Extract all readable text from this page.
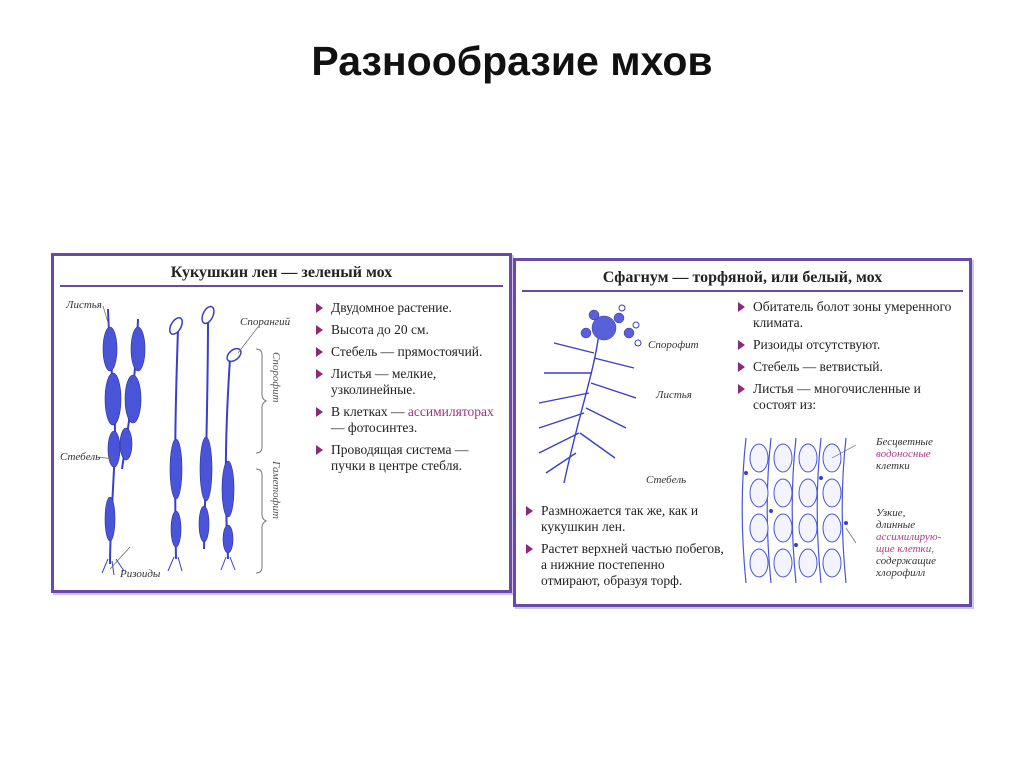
Разнообразие мхов
Кукушкин лен — зеленый мох
Листья
Спорангий
Стебель
Ризоиды
Спорофит
Гаметофит
Двудомное растение.
Высота до 20 см.
Стебель — прямостоячий.
Листья — мелкие, узколинейные.
В клетках — ассимиляторах — фотосинтез.
Проводящая система — пучки в центре стебля.
Сфагнум — торфяной, или белый, мох
Спорофит
Листья
Стебель
Обитатель болот зоны умеренного климата.
Ризоиды отсутствуют.
Стебель — ветвистый.
Листья — многочисленные и состоят из:
Бесцветные
водоносные
клетки
Узкие,
длинные
ассимилирую-
щие клетки,
содержащие
хлорофилл
Размножается так же, как и кукушкин лен.
Растет верхней частью побегов, а нижние постепенно отмирают, образуя торф.
